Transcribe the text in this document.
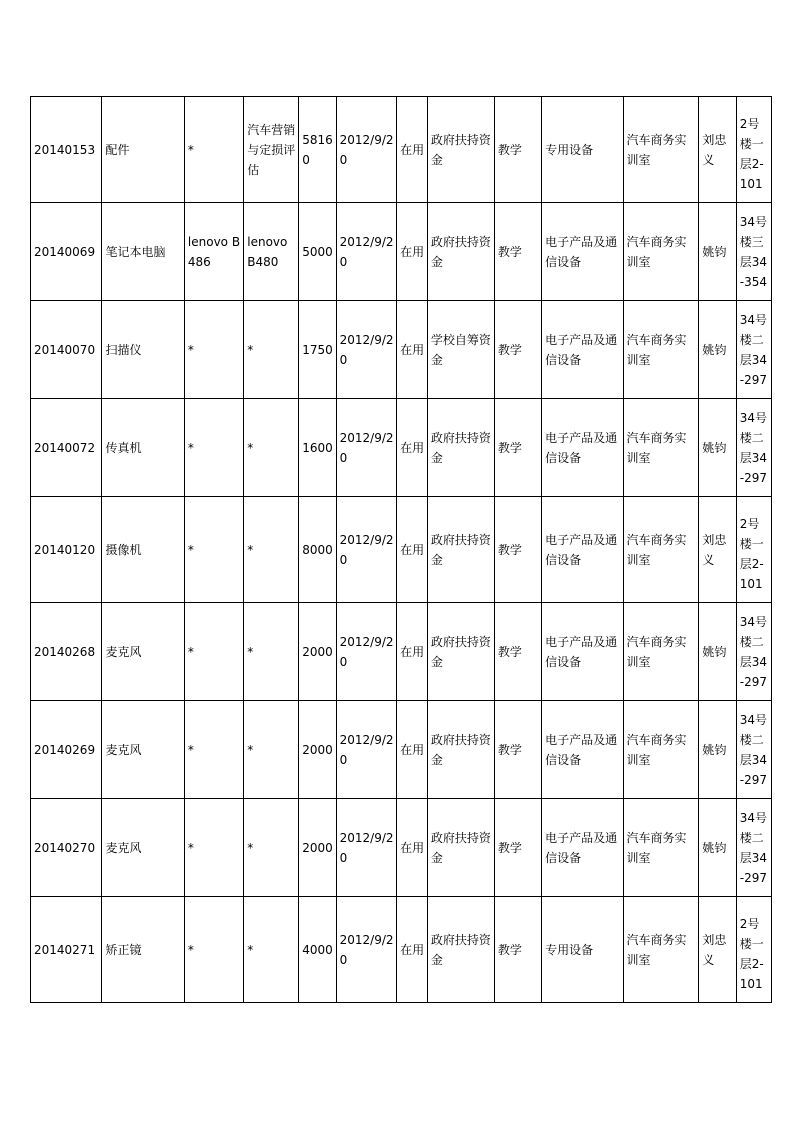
20140153	配件	*	汽车营销与定损评估	58160	2012/9/20	在用	政府扶持资金	教学	专用设备	汽车商务实训室	刘忠义	2号楼一层2-101
20140069	笔记本电脑	lenovo B486	lenovo B480	5000	2012/9/20	在用	政府扶持资金	教学	电子产品及通信设备	汽车商务实训室	姚钧	34号楼三层34-354
20140070	扫描仪	*	*	1750	2012/9/20	在用	学校自筹资金	教学	电子产品及通信设备	汽车商务实训室	姚钧	34号楼二层34-297
20140072	传真机	*	*	1600	2012/9/20	在用	政府扶持资金	教学	电子产品及通信设备	汽车商务实训室	姚钧	34号楼二层34-297
20140120	摄像机	*	*	8000	2012/9/20	在用	政府扶持资金	教学	电子产品及通信设备	汽车商务实训室	刘忠义	2号楼一层2-101
20140268	麦克风	*	*	2000	2012/9/20	在用	政府扶持资金	教学	电子产品及通信设备	汽车商务实训室	姚钧	34号楼二层34-297
20140269	麦克风	*	*	2000	2012/9/20	在用	政府扶持资金	教学	电子产品及通信设备	汽车商务实训室	姚钧	34号楼二层34-297
20140270	麦克风	*	*	2000	2012/9/20	在用	政府扶持资金	教学	电子产品及通信设备	汽车商务实训室	姚钧	34号楼二层34-297
20140271	矫正镜	*	*	4000	2012/9/20	在用	政府扶持资金	教学	专用设备	汽车商务实训室	刘忠义	2号楼一层2-101
